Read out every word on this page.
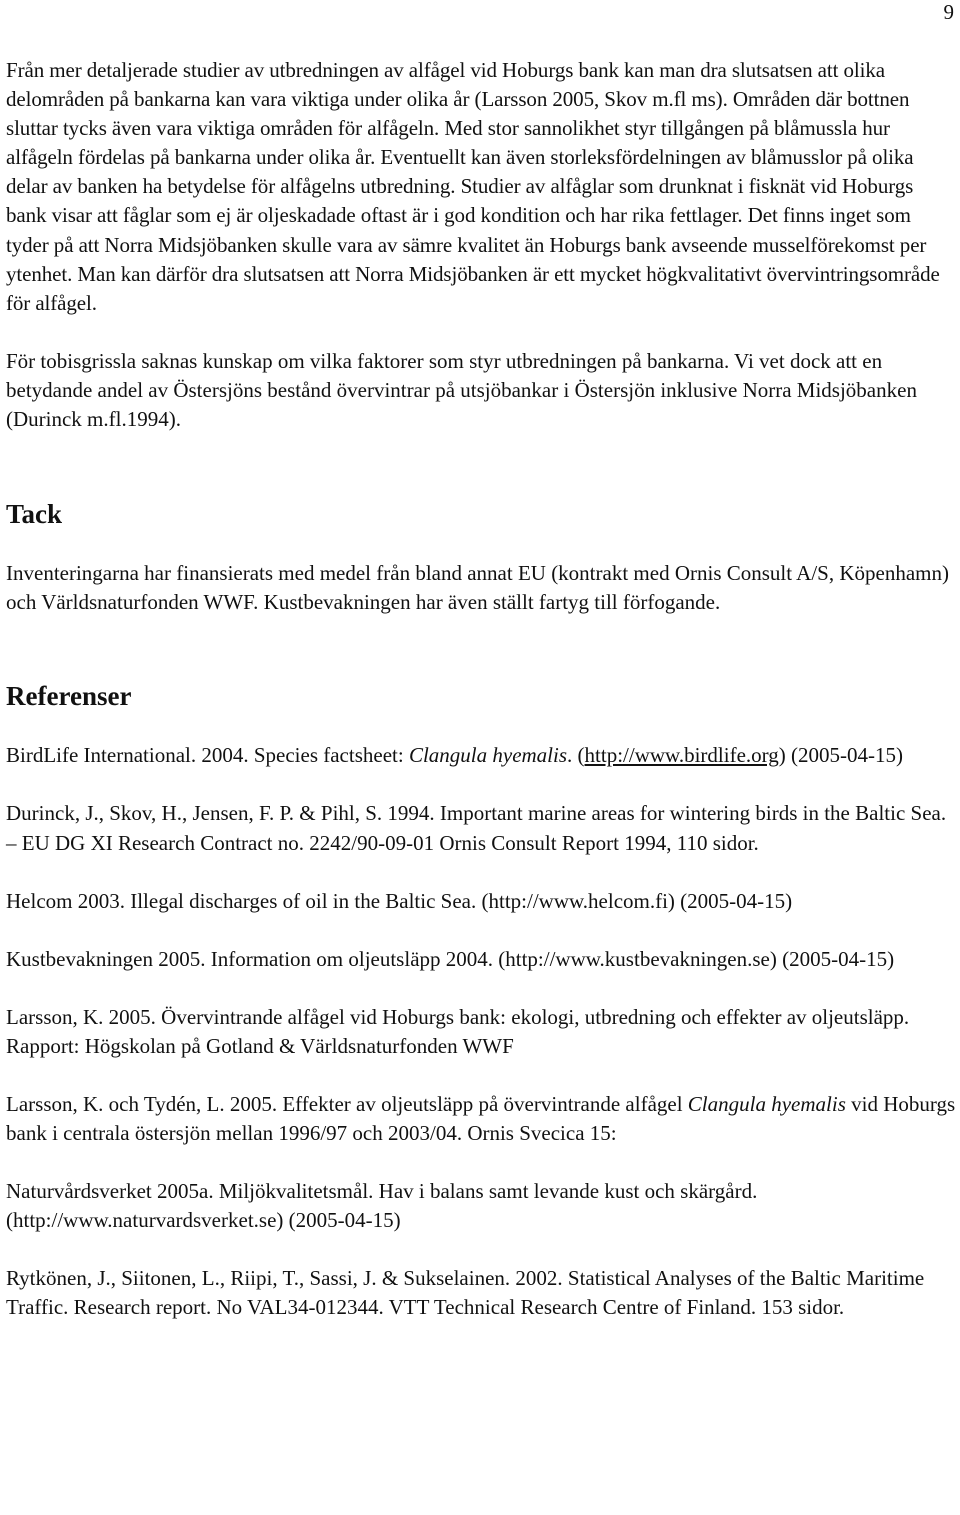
9

Från mer detaljerade studier av utbredningen av alfågel vid Hoburgs bank kan man dra slutsatsen att olika delområden på bankarna kan vara viktiga under olika år (Larsson 2005, Skov m.fl ms). Områden där bottnen sluttar tycks även vara viktiga områden för alfågeln. Med stor sannolikhet styr tillgången på blåmussla hur alfågeln fördelas på bankarna under olika år. Eventuellt kan även storleksfördelningen av blåmusslor på olika delar av banken ha betydelse för alfågelns utbredning. Studier av alfåglar som drunknat i fisknät vid Hoburgs bank visar att fåglar som ej är oljeskadade oftast är i god kondition och har rika fettlager. Det finns inget som tyder på att Norra Midsjöbanken skulle vara av sämre kvalitet än Hoburgs bank avseende musselförekomst per ytenhet. Man kan därför dra slutsatsen att Norra Midsjöbanken är ett mycket högkvalitativt övervintringsområde för alfågel.

För tobisgrissla saknas kunskap om vilka faktorer som styr utbredningen på bankarna. Vi vet dock att en betydande andel av Östersjöns bestånd övervintrar på utsjöbankar i Östersjön inklusive Norra Midsjöbanken (Durinck m.fl.1994).

Tack

Inventeringarna har finansierats med medel från bland annat EU (kontrakt med Ornis Consult A/S, Köpenhamn) och Världsnaturfonden WWF. Kustbevakningen har även ställt fartyg till förfogande.

Referenser

BirdLife International. 2004. Species factsheet: Clangula hyemalis. (http://www.birdlife.org) (2005-04-15)

Durinck, J., Skov, H., Jensen, F. P. & Pihl, S. 1994. Important marine areas for wintering birds in the Baltic Sea. – EU DG XI Research Contract no. 2242/90-09-01 Ornis Consult Report 1994, 110 sidor.

Helcom 2003. Illegal discharges of oil in the Baltic Sea. (http://www.helcom.fi) (2005-04-15)

Kustbevakningen 2005. Information om oljeutsläpp 2004. (http://www.kustbevakningen.se) (2005-04-15)

Larsson, K. 2005. Övervintrande alfågel vid Hoburgs bank: ekologi, utbredning och effekter av oljeutsläpp. Rapport: Högskolan på Gotland & Världsnaturfonden WWF

Larsson, K. och Tydén, L. 2005. Effekter av oljeutsläpp på övervintrande alfågel Clangula hyemalis vid Hoburgs bank i centrala östersjön mellan 1996/97 och 2003/04. Ornis Svecica 15:

Naturvårdsverket 2005a. Miljökvalitetsmål. Hav i balans samt levande kust och skärgård. (http://www.naturvardsverket.se) (2005-04-15)

Rytkönen, J., Siitonen, L., Riipi, T., Sassi, J. & Sukselainen. 2002. Statistical Analyses of the Baltic Maritime Traffic. Research report. No VAL34-012344. VTT Technical Research Centre of Finland. 153 sidor.
